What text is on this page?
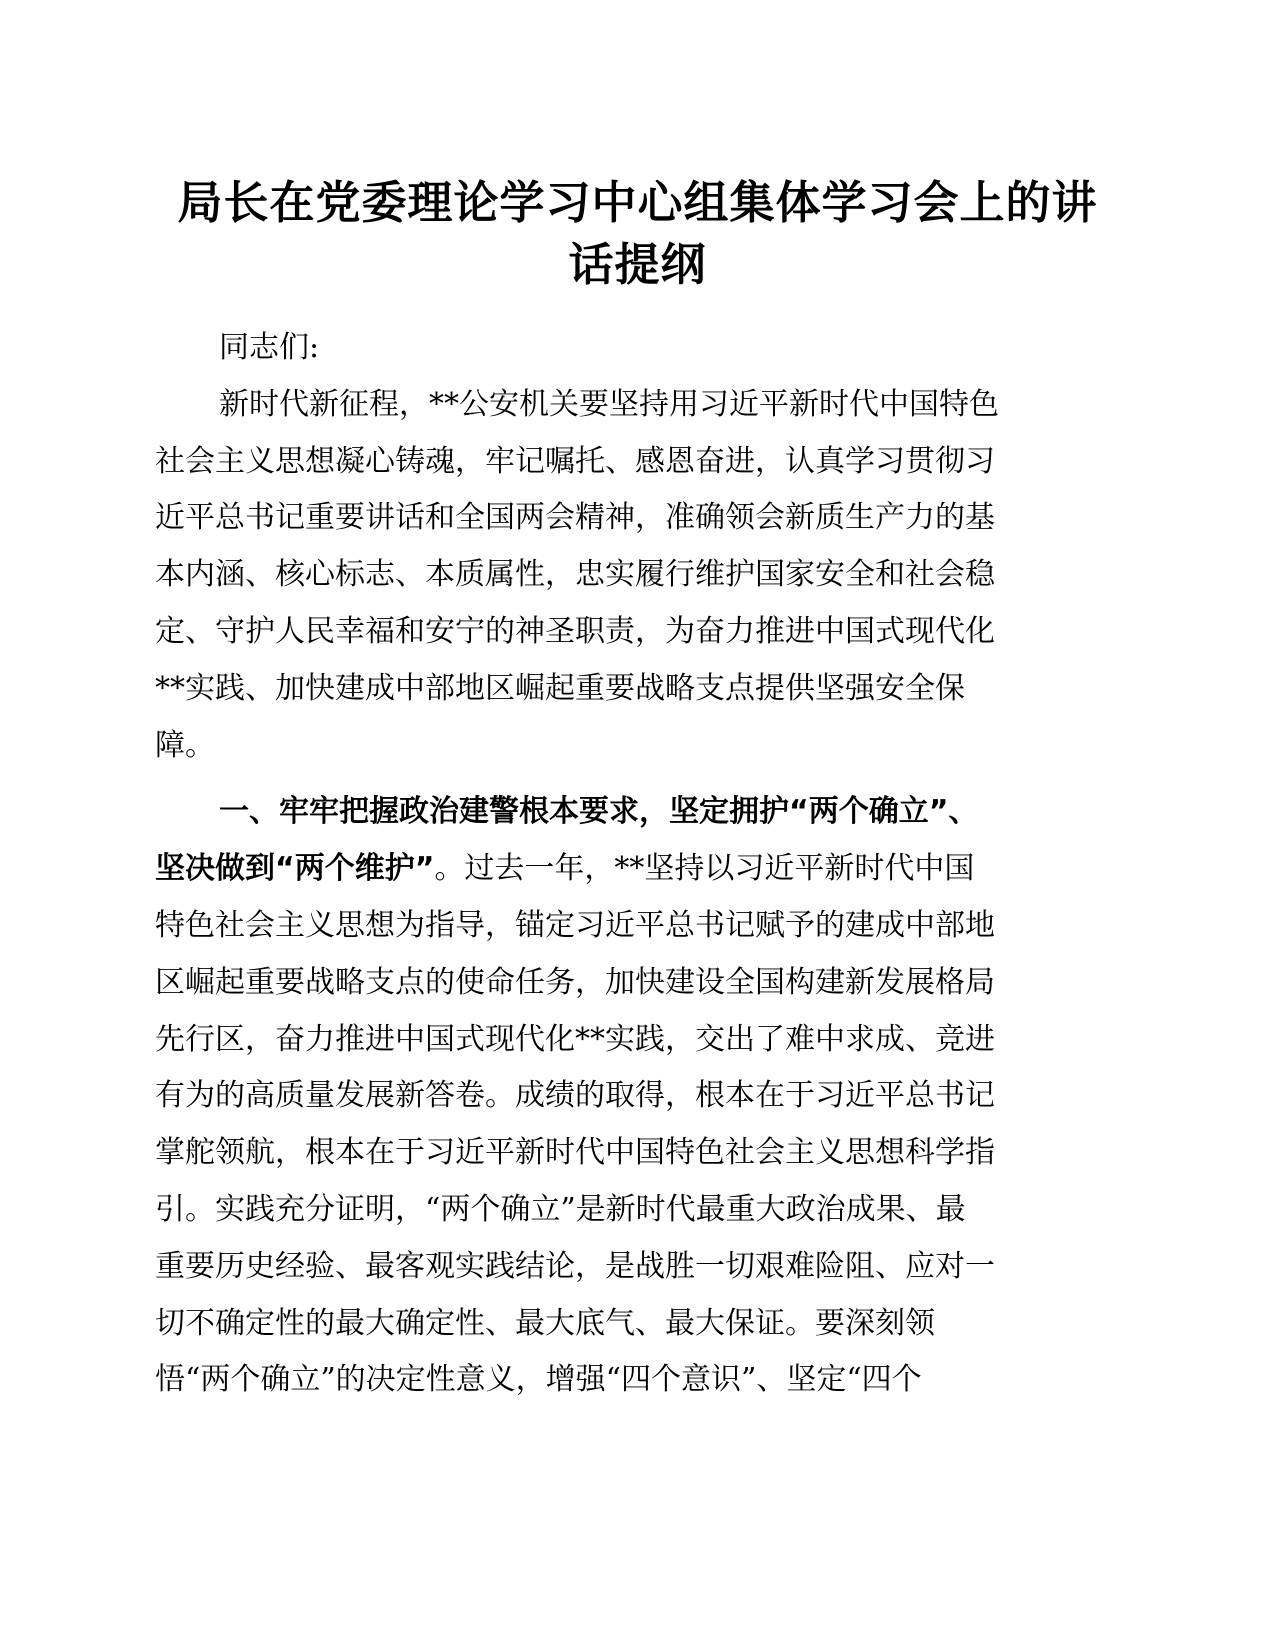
局长在党委理论学习中心组集体学习会上的讲
话提纲
同志们:
新时代新征程，**公安机关要坚持用习近平新时代中国特色
社会主义思想凝心铸魂，牢记嘱托、感恩奋进，认真学习贯彻习
近平总书记重要讲话和全国两会精神，准确领会新质生产力的基
本内涵、核心标志、本质属性，忠实履行维护国家安全和社会稳
定、守护人民幸福和安宁的神圣职责，为奋力推进中国式现代化
**实践、加快建成中部地区崛起重要战略支点提供坚强安全保
障。
一、牢牢把握政治建警根本要求，坚定拥护“两个确立”、
坚决做到“两个维护”。过去一年，**坚持以习近平新时代中国
特色社会主义思想为指导，锚定习近平总书记赋予的建成中部地
区崛起重要战略支点的使命任务，加快建设全国构建新发展格局
先行区，奋力推进中国式现代化**实践，交出了难中求成、竞进
有为的高质量发展新答卷。成绩的取得，根本在于习近平总书记
掌舵领航，根本在于习近平新时代中国特色社会主义思想科学指
引。实践充分证明，“两个确立”是新时代最重大政治成果、最
重要历史经验、最客观实践结论，是战胜一切艰难险阻、应对一
切不确定性的最大确定性、最大底气、最大保证。要深刻领
悟“两个确立”的决定性意义，增强“四个意识”、坚定“四个
